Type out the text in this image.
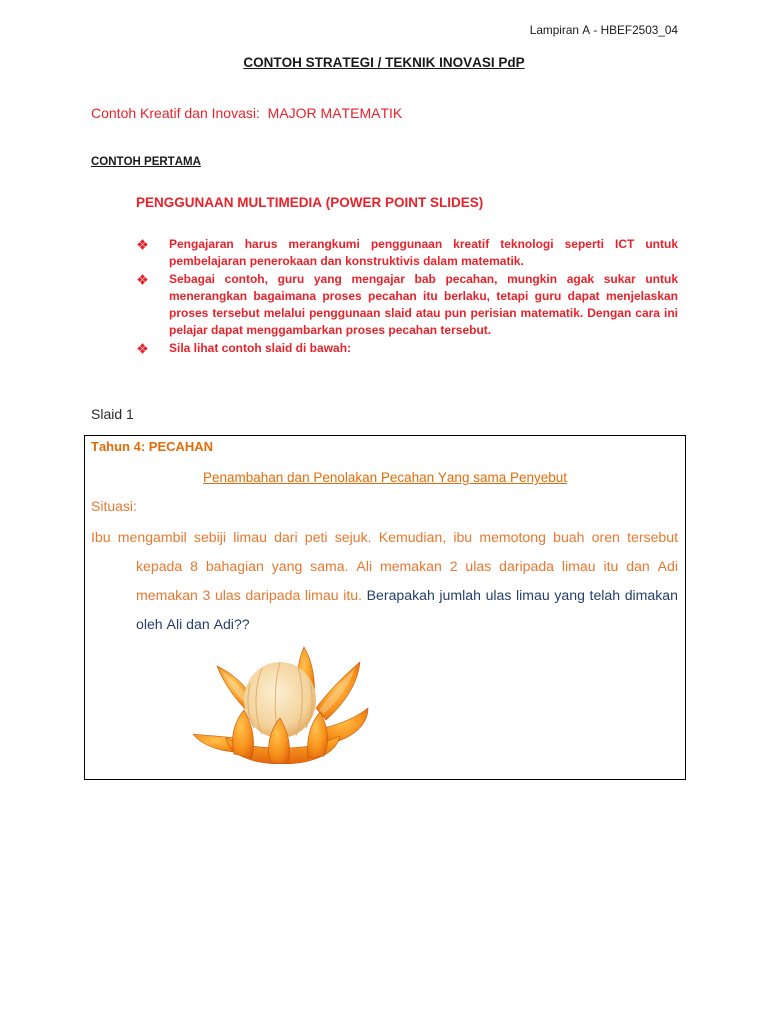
Lampiran A - HBEF2503_04
CONTOH STRATEGI / TEKNIK INOVASI PdP

Contoh Kreatif dan Inovasi:  MAJOR MATEMATIK

CONTOH PERTAMA
PENGGUNAAN MULTIMEDIA (POWER POINT SLIDES)
Pengajaran harus merangkumi penggunaan kreatif teknologi seperti ICT untuk pembelajaran penerokaan dan konstruktivis dalam matematik.
Sebagai contoh, guru yang mengajar bab pecahan, mungkin agak sukar untuk menerangkan bagaimana proses pecahan itu berlaku, tetapi guru dapat menjelaskan proses tersebut melalui penggunaan slaid atau pun perisian matematik. Dengan cara ini pelajar dapat menggambarkan proses pecahan tersebut.
Sila lihat contoh slaid di bawah:
Slaid 1
Tahun 4: PECAHAN
Penambahan dan Penolakan Pecahan Yang sama Penyebut
Situasi:

Ibu mengambil sebiji limau dari peti sejuk. Kemudian, ibu memotong buah oren tersebut kepada 8 bahagian yang sama. Ali memakan 2 ulas daripada limau itu dan Adi memakan 3 ulas daripada limau itu. Berapakah jumlah ulas limau yang telah dimakan oleh Ali dan Adi??
